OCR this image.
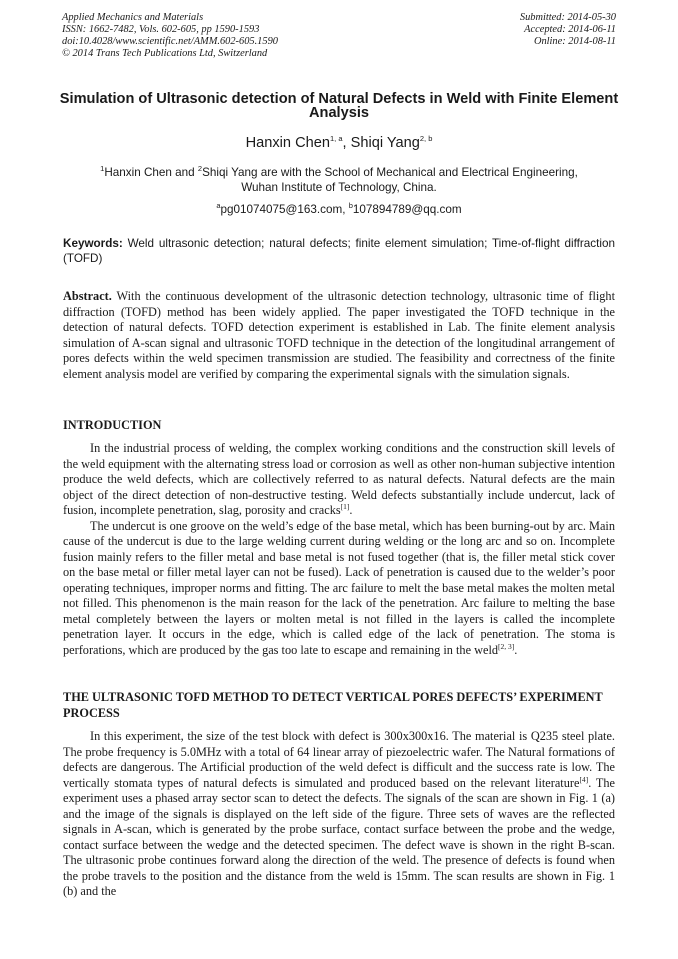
Applied Mechanics and Materials
ISSN: 1662-7482, Vols. 602-605, pp 1590-1593
doi:10.4028/www.scientific.net/AMM.602-605.1590
© 2014 Trans Tech Publications Ltd, Switzerland
Submitted: 2014-05-30
Accepted: 2014-06-11
Online: 2014-08-11
Simulation of Ultrasonic detection of Natural Defects in Weld with Finite Element Analysis
Hanxin Chen$^{1, a}$, Shiqi Yang$^{2, b}$
$^1$Hanxin Chen and $^2$Shiqi Yang are with the School of Mechanical and Electrical Engineering,
Wuhan Institute of Technology, China.
$^a$pg01074075@163.com, $^b$107894789@qq.com
Keywords: Weld ultrasonic detection; natural defects; finite element simulation; Time-of-flight diffraction (TOFD)
Abstract. With the continuous development of the ultrasonic detection technology, ultrasonic time of flight diffraction (TOFD) method has been widely applied. The paper investigated the TOFD technique in the detection of natural defects. TOFD detection experiment is established in Lab. The finite element analysis simulation of A-scan signal and ultrasonic TOFD technique in the detection of the longitudinal arrangement of pores defects within the weld specimen transmission are studied. The feasibility and correctness of the finite element analysis model are verified by comparing the experimental signals with the simulation signals.
INTRODUCTION

In the industrial process of welding, the complex working conditions and the construction skill levels of the weld equipment with the alternating stress load or corrosion as well as other non-human subjective intention produce the weld defects, which are collectively referred to as natural defects. Natural defects are the main object of the direct detection of non-destructive testing. Weld defects substantially include undercut, lack of fusion, incomplete penetration, slag, porosity and cracks[1].

The undercut is one groove on the weld’s edge of the base metal, which has been burning-out by arc. Main cause of the undercut is due to the large welding current during welding or the long arc and so on. Incomplete fusion mainly refers to the filler metal and base metal is not fused together (that is, the filler metal stick cover on the base metal or filler metal layer can not be fused). Lack of penetration is caused due to the welder’s poor operating techniques, improper norms and fitting. The arc failure to melt the base metal makes the molten metal not filled. This phenomenon is the main reason for the lack of the penetration. Arc failure to melting the base metal completely between the layers or molten metal is not filled in the layers is called the incomplete penetration layer. It occurs in the edge, which is called edge of the lack of penetration. The stoma is perforations, which are produced by the gas too late to escape and remaining in the weld[2, 3].

THE ULTRASONIC TOFD METHOD TO DETECT VERTICAL PORES DEFECTS’ EXPERIMENT PROCESS

In this experiment, the size of the test block with defect is 300x300x16. The material is Q235 steel plate. The probe frequency is 5.0MHz with a total of 64 linear array of piezoelectric wafer. The Natural formations of defects are dangerous. The Artificial production of the weld defect is difficult and the success rate is low. The vertically stomata types of natural defects is simulated and produced based on the relevant literature[4]. The experiment uses a phased array sector scan to detect the defects. The signals of the scan are shown in Fig. 1 (a) and the image of the signals is displayed on the left side of the figure. Three sets of waves are the reflected signals in A-scan, which is generated by the probe surface, contact surface between the probe and the wedge, contact surface between the wedge and the detected specimen. The defect wave is shown in the right B-scan. The ultrasonic probe continues forward along the direction of the weld. The presence of defects is found when the probe travels to the position and the distance from the weld is 15mm. The scan results are shown in Fig. 1 (b) and the
